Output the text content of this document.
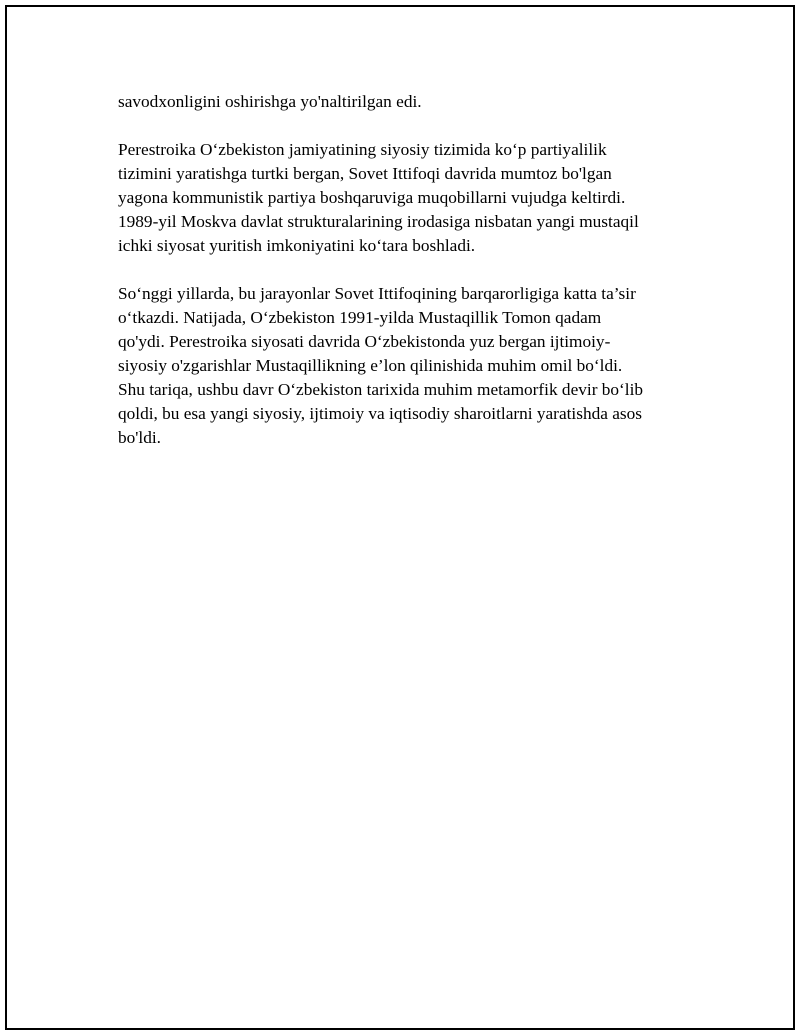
savodxonligini oshirishga yo'naltirilgan edi.

Perestroika O‘zbekiston jamiyatining siyosiy tizimida ko‘p partiyalilik
tizimini yaratishga turtki bergan, Sovet Ittifoqi davrida mumtoz bo'lgan
yagona kommunistik partiya boshqaruviga muqobillarni vujudga keltirdi.
1989-yil Moskva davlat strukturalarining irodasiga nisbatan yangi mustaqil
ichki siyosat yuritish imkoniyatini ko‘tara boshladi.

So‘nggi yillarda, bu jarayonlar Sovet Ittifoqining barqarorligiga katta ta’sir
o‘tkazdi. Natijada, O‘zbekiston 1991-yilda Mustaqillik Tomon qadam
qo'ydi. Perestroika siyosati davrida O‘zbekistonda yuz bergan ijtimoiy-
siyosiy o'zgarishlar Mustaqillikning e’lon qilinishida muhim omil bo‘ldi.
Shu tariqa, ushbu davr O‘zbekiston tarixida muhim metamorfik devir bo‘lib
qoldi, bu esa yangi siyosiy, ijtimoiy va iqtisodiy sharoitlarni yaratishda asos
bo'ldi.
